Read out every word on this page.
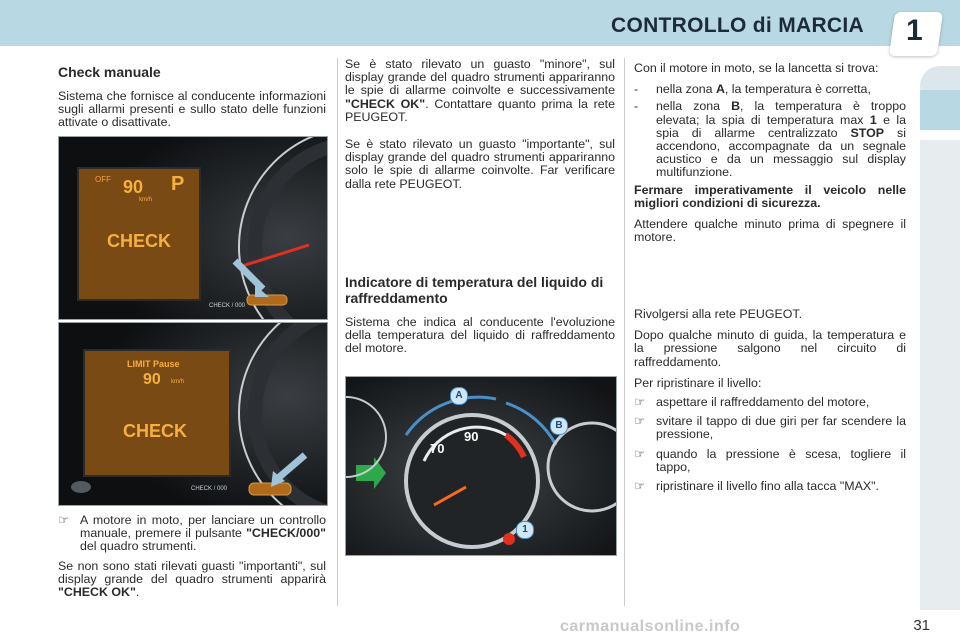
CONTROLLO di MARCIA 1
Check manuale

Sistema che fornisce al conducente informazioni sugli allarmi presenti e sullo stato delle funzioni attivate o disattivate.

OFF 90
km/h
P
CHECK
CHECK / 000
LIMIT Pause
90 km/h
CHECK
CHECK / 000
☞ A motore in moto, per lanciare un controllo manuale, premere il pulsante "CHECK/000" del quadro strumenti.

Se non sono stati rilevati guasti "importanti", sul display grande del quadro strumenti apparirà "CHECK OK".

Se è stato rilevato un guasto "minore", sul display grande del quadro strumenti appariranno le spie di allarme coinvolte e successivamente "CHECK OK". Contattare quanto prima la rete PEUGEOT.

Se è stato rilevato un guasto "importante", sul display grande del quadro strumenti appariranno solo le spie di allarme coinvolte. Far verificare dalla rete PEUGEOT.

Indicatore di temperatura del liquido di raffreddamento

Sistema che indica al conducente l'evoluzione della temperatura del liquido di raffreddamento del motore.

70
90
A
B
1

Con il motore in moto, se la lancetta si trova:

-	nella zona A, la temperatura è corretta,
-	nella zona B, la temperatura è troppo elevata; la spia di temperatura max 1 e la spia di allarme centralizzato STOP si accendono, accompagnate da un segnale acustico e da un messaggio sul display multifunzione.

Fermare imperativamente il veicolo nelle migliori condizioni di sicurezza.

Attendere qualche minuto prima di spegnere il motore.

Rivolgersi alla rete PEUGEOT.

Dopo qualche minuto di guida, la temperatura e la pressione salgono nel circuito di raffreddamento.

Per ripristinare il livello:

☞ aspettare il raffreddamento del motore,
☞ svitare il tappo di due giri per far scendere la pressione,
☞ quando la pressione è scesa, togliere il tappo,
☞ ripristinare il livello fino alla tacca "MAX".
carmanualsonline.info	31
